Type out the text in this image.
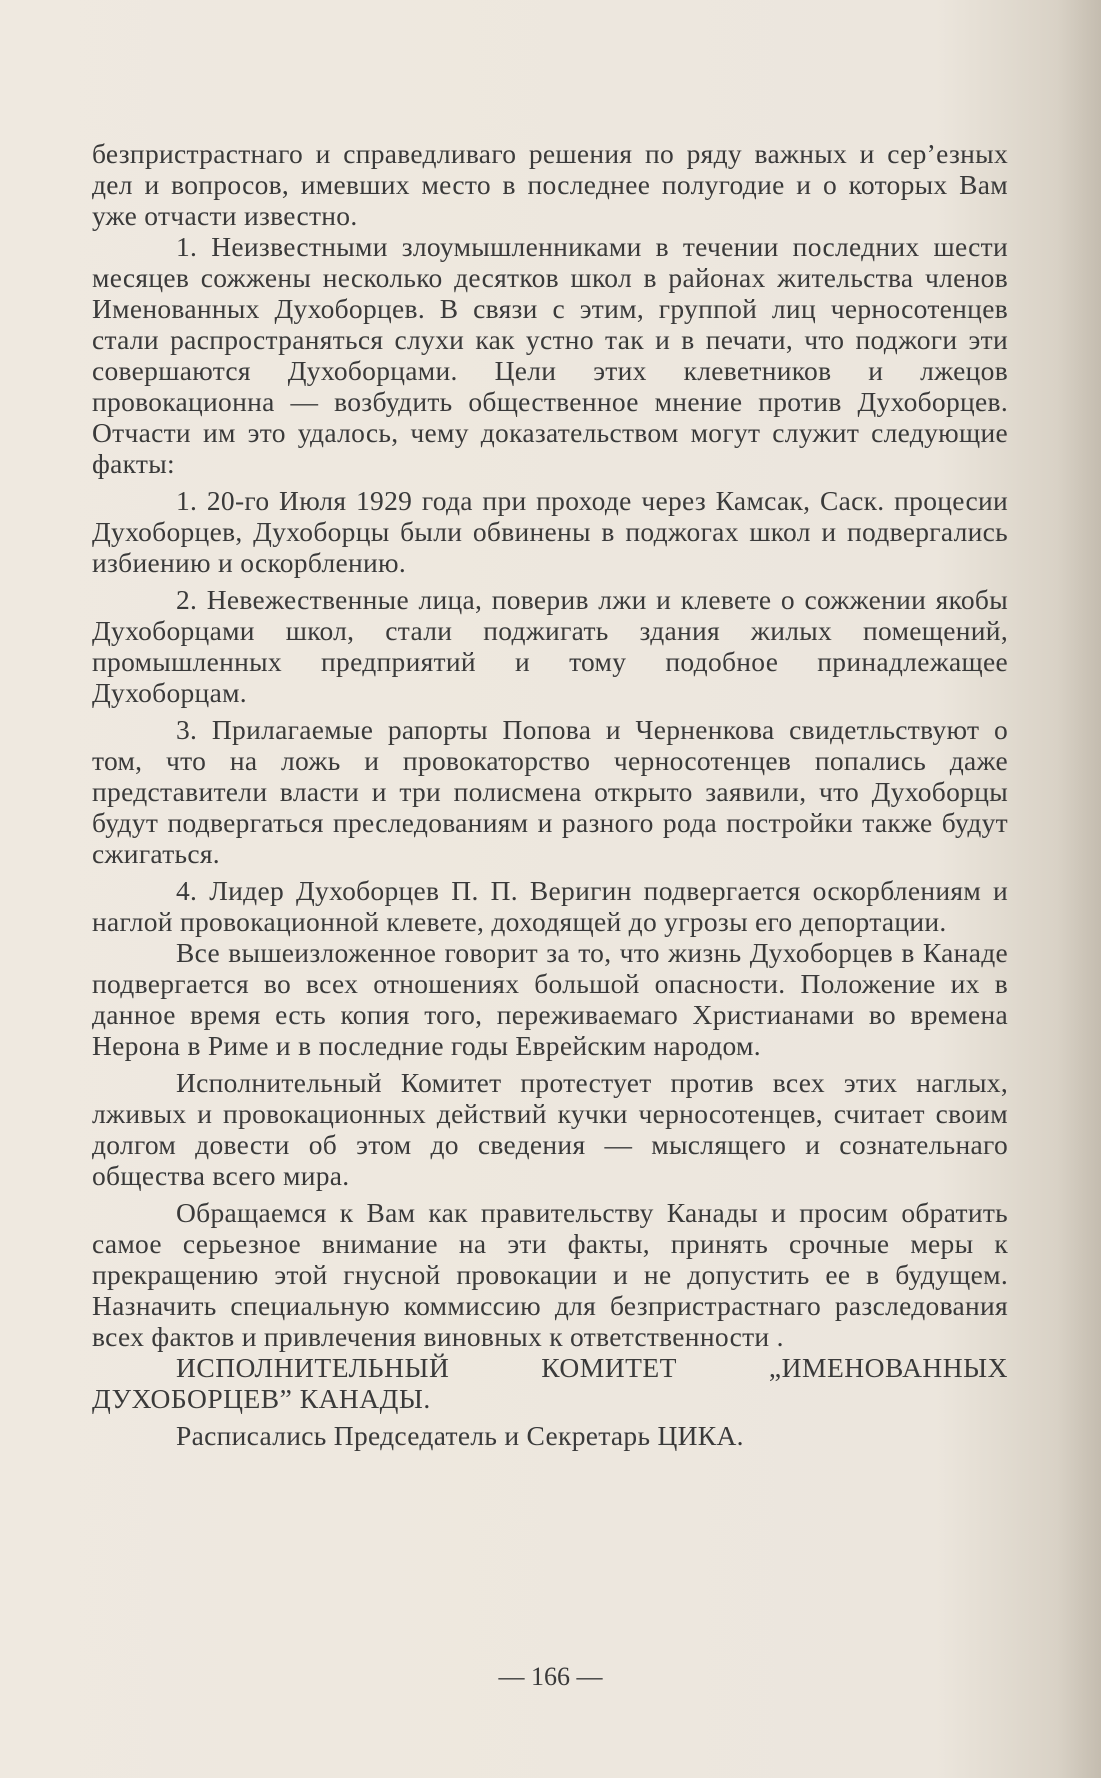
безпристрастнаго и справедливаго решения по ряду важных и сер’езных дел и вопросов, имевших место в последнее полугодие и о которых Вам уже отчасти известно.

1. Неизвестными злоумышленниками в течении последних шести месяцев сожжены несколько десятков школ в районах жительства членов Именованных Духоборцев. В связи с этим, группой лиц черносотенцев стали распространяться слухи как устно так и в печати, что поджоги эти совершаются Духоборцами. Цели этих клеветников и лжецов провокационна — возбудить общественное мнение против Духоборцев. Отчасти им это удалось, чему доказательством могут служит следующие факты:

1. 20-го Июля 1929 года при проходе через Камсак, Саск. процесии Духоборцев, Духоборцы были обвинены в поджогах школ и подвергались избиению и оскорблению.

2. Невежественные лица, поверив лжи и клевете о сожжении якобы Духоборцами школ, стали поджигать здания жилых помещений, промышленных предприятий и тому подобное принадлежащее Духоборцам.

3. Прилагаемые рапорты Попова и Черненкова свидетльствуют о том, что на ложь и провокаторство черносотенцев попались даже представители власти и три полисмена открыто заявили, что Духоборцы будут подвергаться преследованиям и разного рода постройки также будут сжигаться.

4. Лидер Духоборцев П. П. Веригин подвергается оскорблениям и наглой провокационной клевете, доходящей до угрозы его депортации.

Все вышеизложенное говорит за то, что жизнь Духоборцев в Канаде подвергается во всех отношениях большой опасности. Положение их в данное время есть копия того, переживаемаго Христианами во времена Нерона в Риме и в последние годы Еврейским народом.

Исполнительный Комитет протестует против всех этих наглых, лживых и провокационных действий кучки черносотенцев, считает своим долгом довести об этом до сведения — мыслящего и сознательнаго общества всего мира.

Обращаемся к Вам как правительству Канады и просим обратить самое серьезное внимание на эти факты, принять срочные меры к прекращению этой гнусной провокации и не допустить ее в будущем. Назначить специальную коммиссию для безпристрастнаго разследования всех фактов и привлечения виновных к ответственности .

ИСПОЛНИТЕЛЬНЫЙ КОМИТЕТ „ИМЕНОВАННЫХ ДУХОБОРЦЕВ” КАНАДЫ.

Расписались Председатель и Секретарь ЦИКА.

— 166 —
